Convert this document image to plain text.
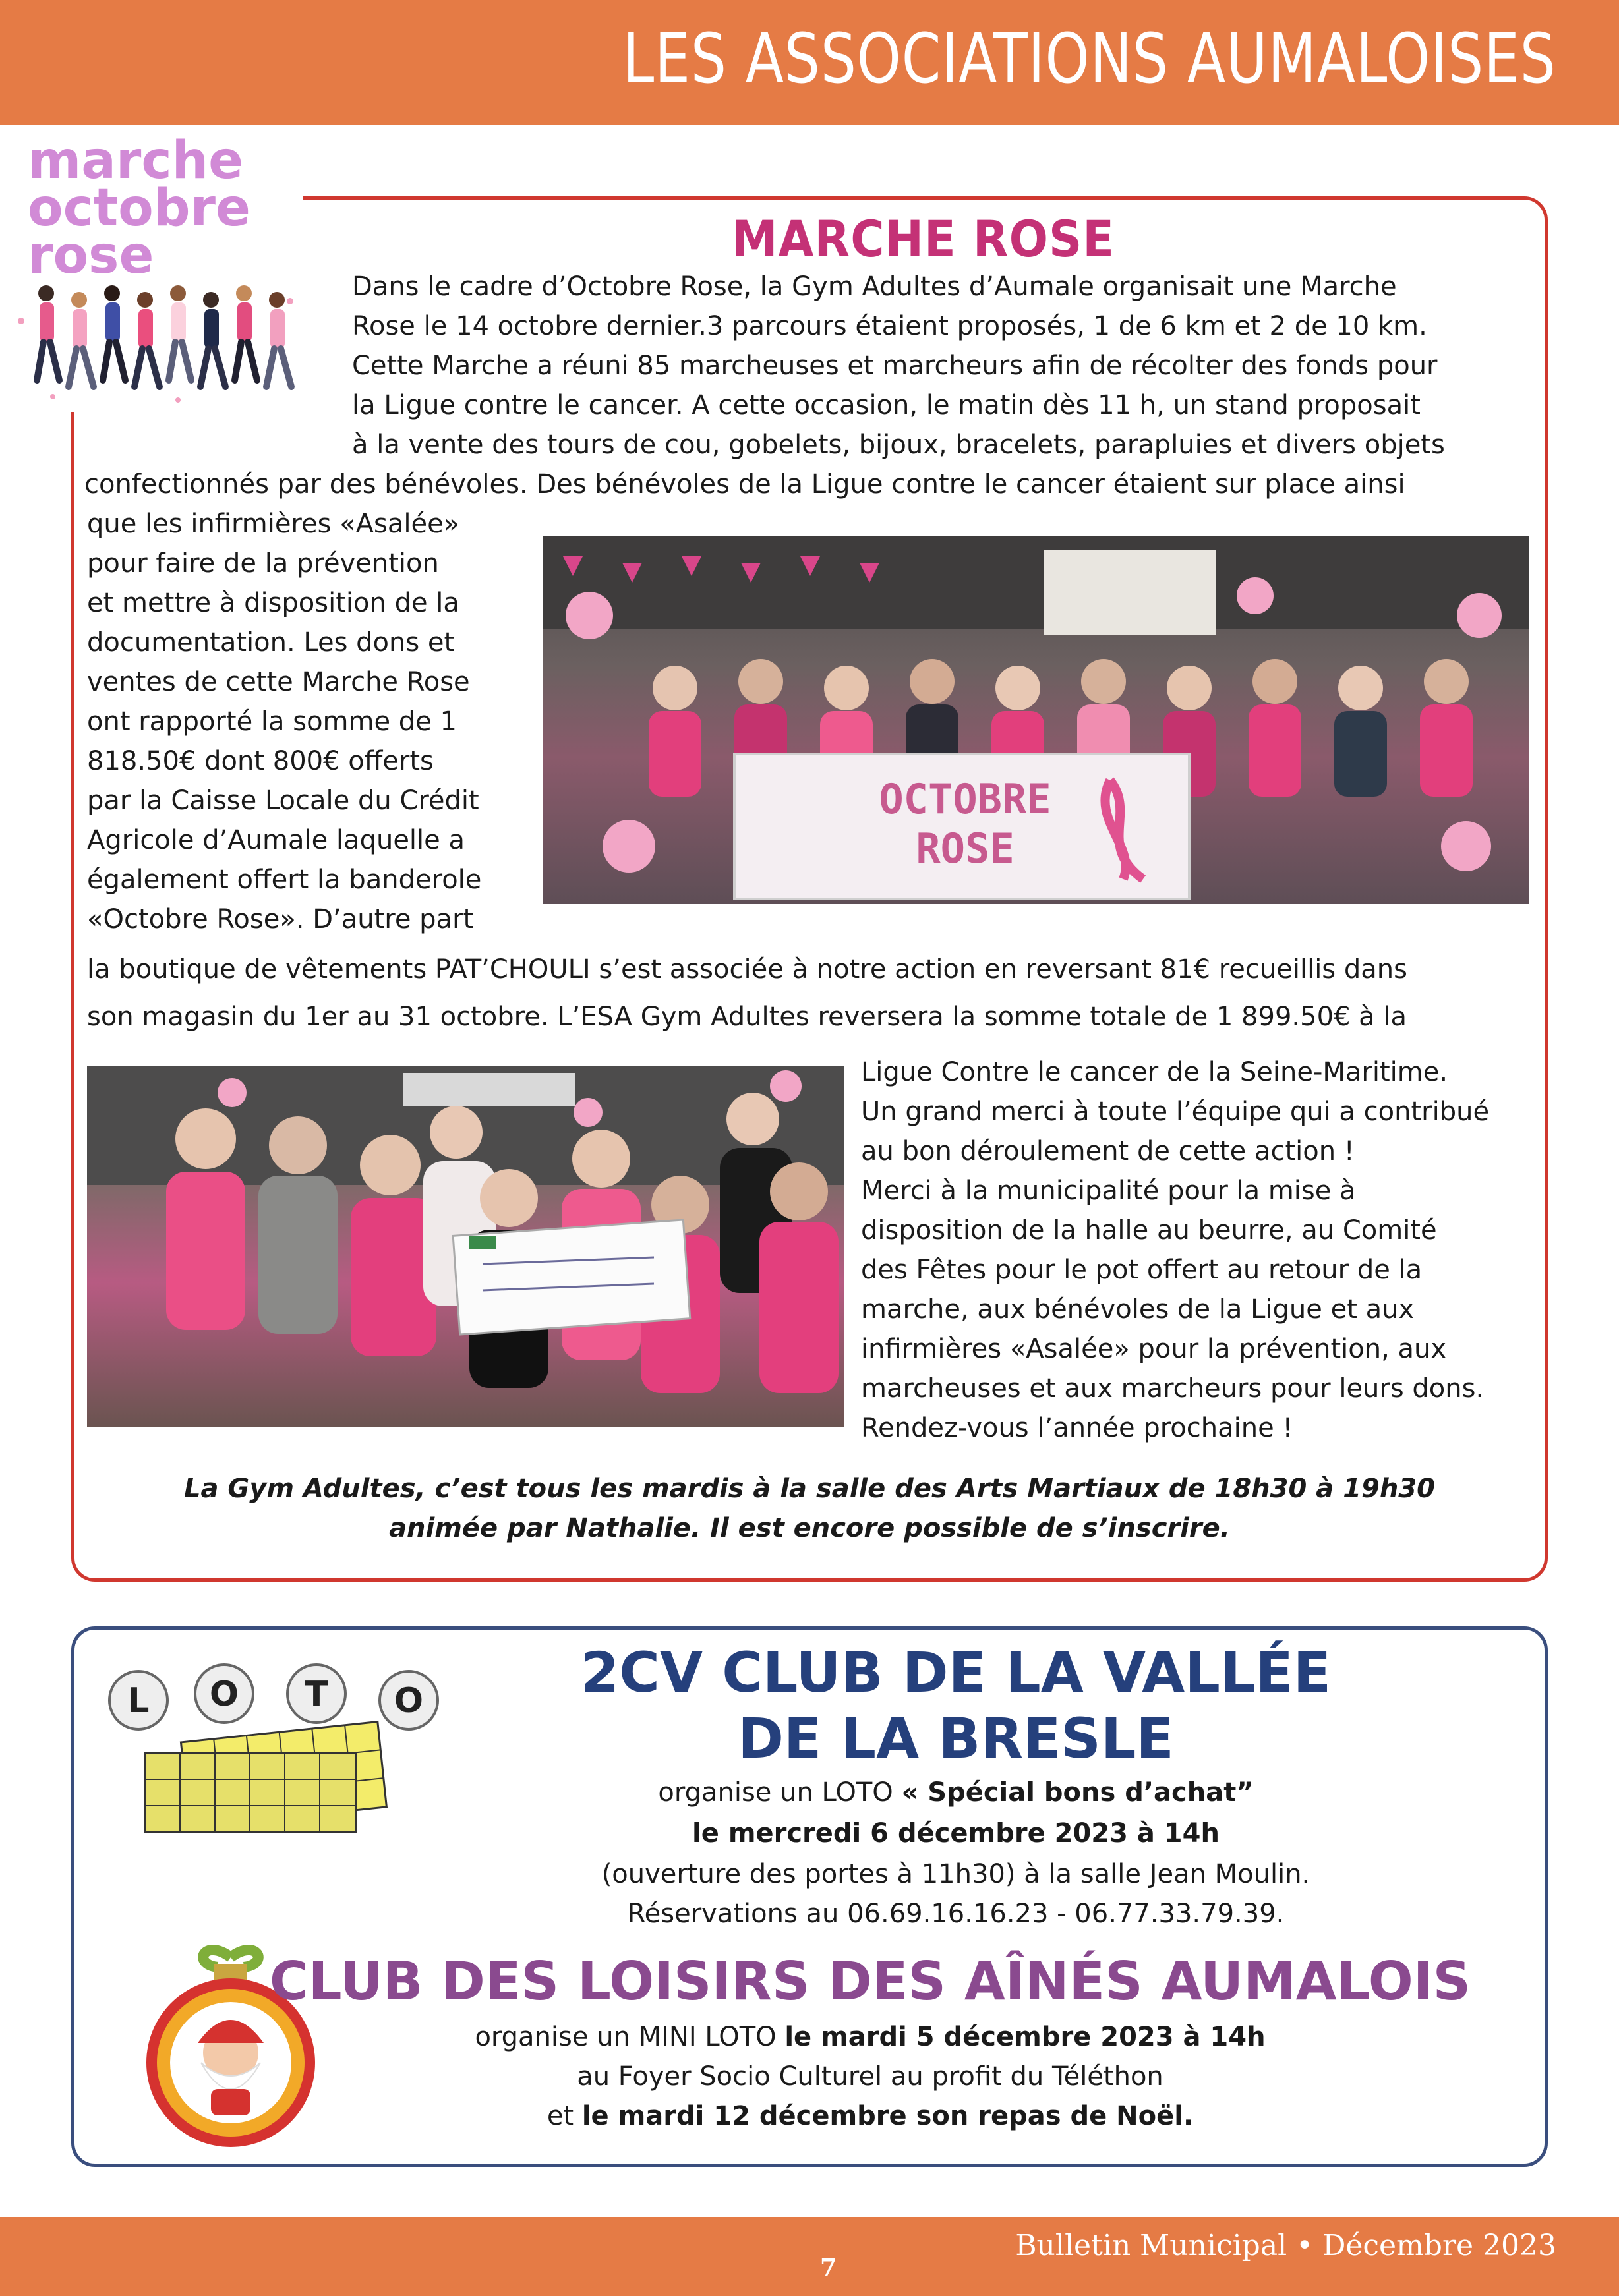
LES ASSOCIATIONS AUMALOISES
marche
octobre
rose	MARCHE ROSE
Dans le cadre d’Octobre Rose, la Gym Adultes d’Aumale organisait une Marche
Rose le 14 octobre dernier.3 parcours étaient proposés, 1 de 6 km et 2 de 10 km.
Cette Marche a réuni 85 marcheuses et marcheurs afin de récolter des fonds pour
la Ligue contre le cancer. A cette occasion, le matin dès 11 h, un stand proposait
à la vente des tours de cou, gobelets, bijoux, bracelets, parapluies et divers objets
confectionnés par des bénévoles. Des bénévoles de la Ligue contre le cancer étaient sur place ainsi
que les infirmières «Asalée»
pour faire de la prévention
et mettre à disposition de la
documentation. Les dons et
ventes de cette Marche Rose
ont rapporté la somme de 1
818.50€ dont 800€ offerts
par la Caisse Locale du Crédit
Agricole d’Aumale laquelle a
également offert la banderole
«Octobre Rose». D’autre part
OCTOBRE
ROSE
la boutique de vêtements PAT’CHOULI s’est associée à notre action en reversant 81€ recueillis dans
son magasin du 1er au 31 octobre. L’ESA Gym Adultes reversera la somme totale de 1 899.50€ à la
Ligue Contre le cancer de la Seine-Maritime.
Un grand merci à toute l’équipe qui a contribué
au bon déroulement de cette action !
Merci à la municipalité pour la mise à
disposition de la halle au beurre, au Comité
des Fêtes pour le pot offert au retour de la
marche, aux bénévoles de la Ligue et aux
infirmières «Asalée» pour la prévention, aux
marcheuses et aux marcheurs pour leurs dons.
Rendez-vous l’année prochaine !
La Gym Adultes, c’est tous les mardis à la salle des Arts Martiaux de 18h30 à 19h30
animée par Nathalie. Il est encore possible de s’inscrire.
L O T O	2CV CLUB DE LA VALLÉE
DE LA BRESLE
organise un LOTO « Spécial bons d’achat”
le mercredi 6 décembre 2023 à 14h
(ouverture des portes à 11h30) à la salle Jean Moulin.
Réservations au 06.69.16.16.23 - 06.77.33.79.39.
CLUB DES LOISIRS DES AÎNÉS AUMALOIS
organise un MINI LOTO le mardi 5 décembre 2023 à 14h
au Foyer Socio Culturel au profit du Téléthon
et le mardi 12 décembre son repas de Noël.
Bulletin Municipal • Décembre 2023
7
